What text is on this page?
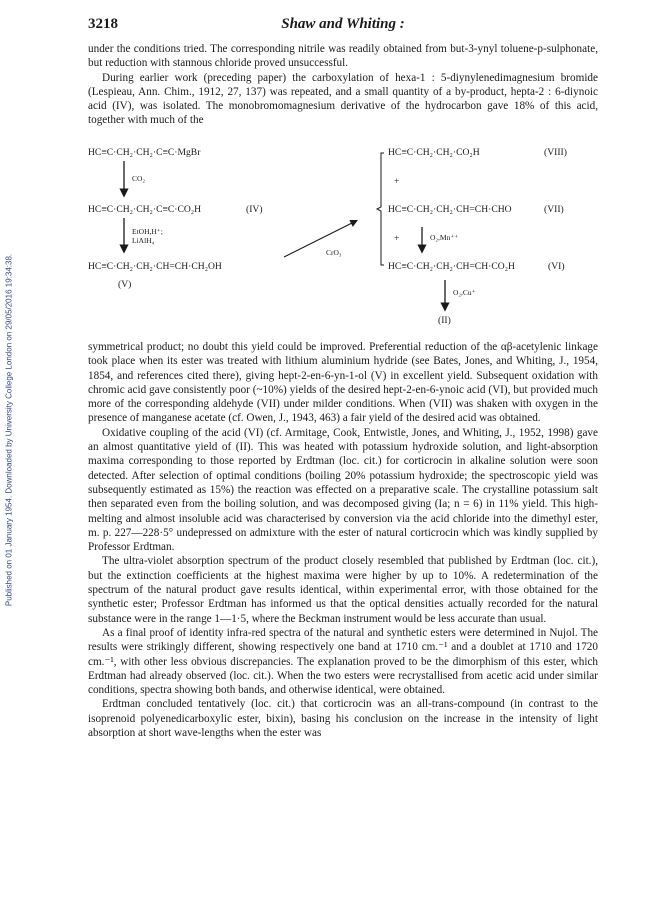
Published on 01 January 1954. Downloaded by University College London on 29/05/2016 19:34:38.
3218	Shaw and Whiting :

under the conditions tried. The corresponding nitrile was readily obtained from but-3-ynyl toluene-p-sulphonate, but reduction with stannous chloride proved unsuccessful.

During earlier work (preceding paper) the carboxylation of hexa-1 : 5-diynylenedimagnesium bromide (Lespieau, Ann. Chim., 1912, 27, 137) was repeated, and a small quantity of a by-product, hepta-2 : 6-diynoic acid (IV), was isolated. The monobromomagnesium derivative of the hydrocarbon gave 18% of this acid, together with much of the

HC≡C·CH₂·CH₂·C≡C·MgBr
CO₂
HC≡C·CH₂·CH₂·C≡C·CO₂H	(IV)
EtOH,H⁺;
LiAlH₄
HC≡C·CH₂·CH₂·CH=CH·CH₂OH
(V)
CrO₃
HC≡C·CH₂·CH₂·CO₂H	(VIII)
+
HC≡C·CH₂·CH₂·CH=CH·CHO	(VII)
+	O₂,Mn⁺⁺
HC≡C·CH₂·CH₂·CH=CH·CO₂H	(VI)
O₂,Cu⁺
(II)

symmetrical product; no doubt this yield could be improved. Preferential reduction of the αβ-acetylenic linkage took place when its ester was treated with lithium aluminium hydride (see Bates, Jones, and Whiting, J., 1954, 1854, and references cited there), giving hept-2-en-6-yn-1-ol (V) in excellent yield. Subsequent oxidation with chromic acid gave consistently poor (~10%) yields of the desired hept-2-en-6-ynoic acid (VI), but provided much more of the corresponding aldehyde (VII) under milder conditions. When (VII) was shaken with oxygen in the presence of manganese acetate (cf. Owen, J., 1943, 463) a fair yield of the desired acid was obtained.

Oxidative coupling of the acid (VI) (cf. Armitage, Cook, Entwistle, Jones, and Whiting, J., 1952, 1998) gave an almost quantitative yield of (II). This was heated with potassium hydroxide solution, and light-absorption maxima corresponding to those reported by Erdtman (loc. cit.) for corticrocin in alkaline solution were soon detected. After selection of optimal conditions (boiling 20% potassium hydroxide; the spectroscopic yield was subsequently estimated as 15%) the reaction was effected on a preparative scale. The crystalline potassium salt then separated even from the boiling solution, and was decomposed giving (Ia; n = 6) in 11% yield. This high-melting and almost insoluble acid was characterised by conversion via the acid chloride into the dimethyl ester, m. p. 227—228·5° undepressed on admixture with the ester of natural corticrocin which was kindly supplied by Professor Erdtman.

The ultra-violet absorption spectrum of the product closely resembled that published by Erdtman (loc. cit.), but the extinction coefficients at the highest maxima were higher by up to 10%. A redetermination of the spectrum of the natural product gave results identical, within experimental error, with those obtained for the synthetic ester; Professor Erdtman has informed us that the optical densities actually recorded for the natural substance were in the range 1—1·5, where the Beckman instrument would be less accurate than usual.

As a final proof of identity infra-red spectra of the natural and synthetic esters were determined in Nujol. The results were strikingly different, showing respectively one band at 1710 cm.⁻¹ and a doublet at 1710 and 1720 cm.⁻¹, with other less obvious discrepancies. The explanation proved to be the dimorphism of this ester, which Erdtman had already observed (loc. cit.). When the two esters were recrystallised from acetic acid under similar conditions, spectra showing both bands, and otherwise identical, were obtained.

Erdtman concluded tentatively (loc. cit.) that corticrocin was an all-trans-compound (in contrast to the isoprenoid polyenedicarboxylic ester, bixin), basing his conclusion on the increase in the intensity of light absorption at short wave-lengths when the ester was
